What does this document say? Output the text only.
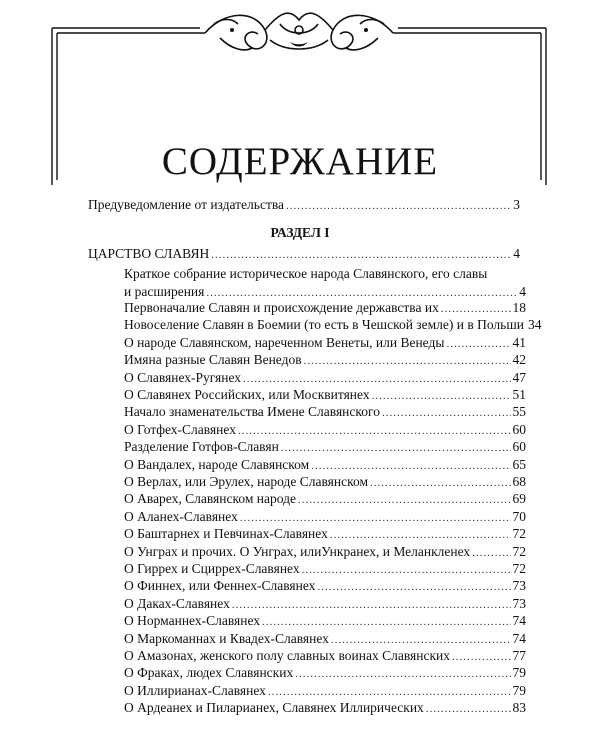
СОДЕРЖАНИЕ
Предуведомление от издательства .....	3
РАЗДЕЛ I
ЦАРСТВО СЛАВЯН .....	4
Краткое собрание историческое народа Славянского, его славы
и расширения .....	4
Первоначалие Славян и происхождение державства их .....	18
Новоселение Славян в Боемии (то есть в Чешской земле) и в Польши 34
О народе Славянском, нареченном Венеты, или Венеды .....	41
Имяна разные Славян Венедов .....	42
О Славянех-Ругянех .....	47
О Славянех Российских, или Москвитянех .....	51
Начало знаменательства Имене Славянского .....	55
О Готфех-Славянех .....	60
Разделение Готфов-Славян .....	60
О Вандалех, народе Славянском .....	65
О Верлах, или Эрулех, народе Славянском .....	68
О Аварех, Славянском народе .....	69
О Аланех-Славянех .....	70
О Баштарнех и Певчинах-Славянех .....	72
О Унграх и прочих. О Унграх, илиУнкранех, и Меланкленех .....	72
О Гиррех и Сциррех-Славянех .....	72
О Финнех, или Феннех-Славянех .....	73
О Даках-Славянех .....	73
О Норманнех-Славянех .....	74
О Маркоманнах и Квадех-Славянех .....	74
О Амазонах, женского полу славных воинах Славянских .....	77
О Фраках, людех Славянских .....	79
О Иллирианах-Славянех .....	79
О Ардеанех и Пиларианех, Славянех Иллирических .....	83
